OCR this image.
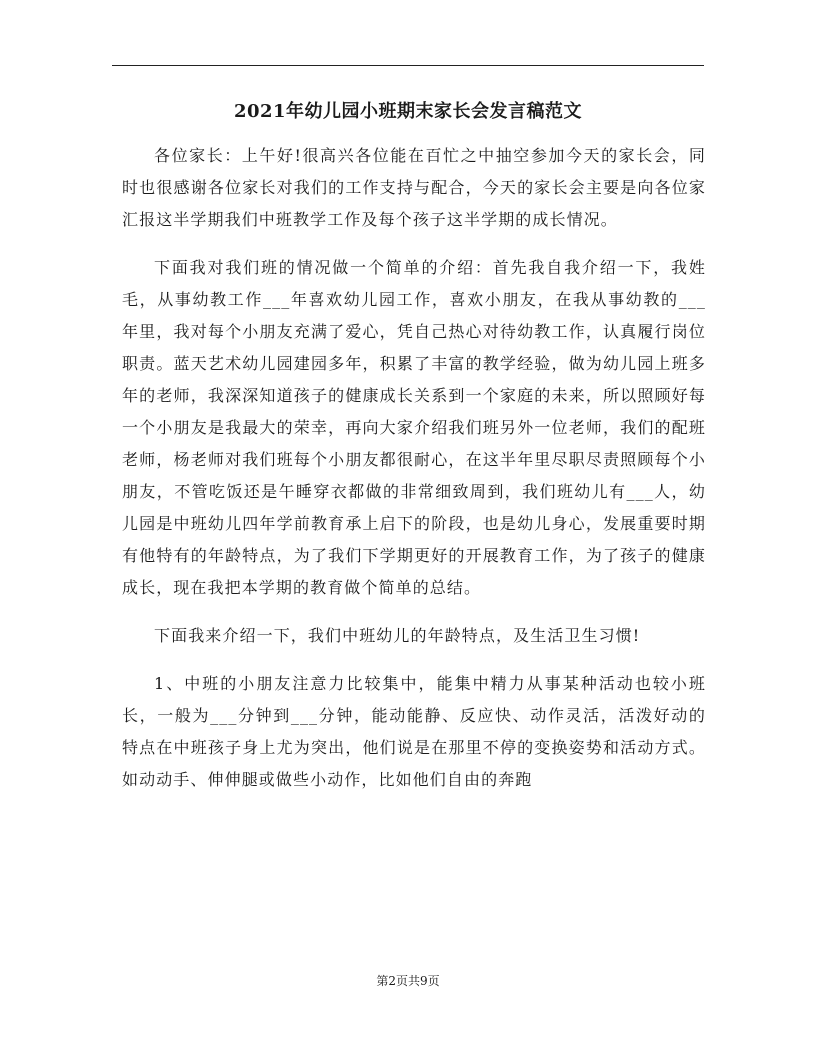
2021年幼儿园小班期末家长会发言稿范文

各位家长：上午好!很高兴各位能在百忙之中抽空参加今天的家长会，同时也很感谢各位家长对我们的工作支持与配合，今天的家长会主要是向各位家汇报这半学期我们中班教学工作及每个孩子这半学期的成长情况。

下面我对我们班的情况做一个简单的介绍：首先我自我介绍一下，我姓毛，从事幼教工作___年喜欢幼儿园工作，喜欢小朋友，在我从事幼教的___年里，我对每个小朋友充满了爱心，凭自己热心对待幼教工作，认真履行岗位职责。蓝天艺术幼儿园建园多年，积累了丰富的教学经验，做为幼儿园上班多年的老师，我深深知道孩子的健康成长关系到一个家庭的未来，所以照顾好每一个小朋友是我最大的荣幸，再向大家介绍我们班另外一位老师，我们的配班老师，杨老师对我们班每个小朋友都很耐心，在这半年里尽职尽责照顾每个小朋友，不管吃饭还是午睡穿衣都做的非常细致周到，我们班幼儿有___人，幼儿园是中班幼儿四年学前教育承上启下的阶段，也是幼儿身心，发展重要时期有他特有的年龄特点，为了我们下学期更好的开展教育工作，为了孩子的健康成长，现在我把本学期的教育做个简单的总结。

下面我来介绍一下，我们中班幼儿的年龄特点，及生活卫生习惯!

1、中班的小朋友注意力比较集中，能集中精力从事某种活动也较小班长，一般为___分钟到___分钟，能动能静、反应快、动作灵活，活泼好动的特点在中班孩子身上尤为突出，他们说是在那里不停的变换姿势和活动方式。如动动手、伸伸腿或做些小动作，比如他们自由的奔跑

第2页共9页
